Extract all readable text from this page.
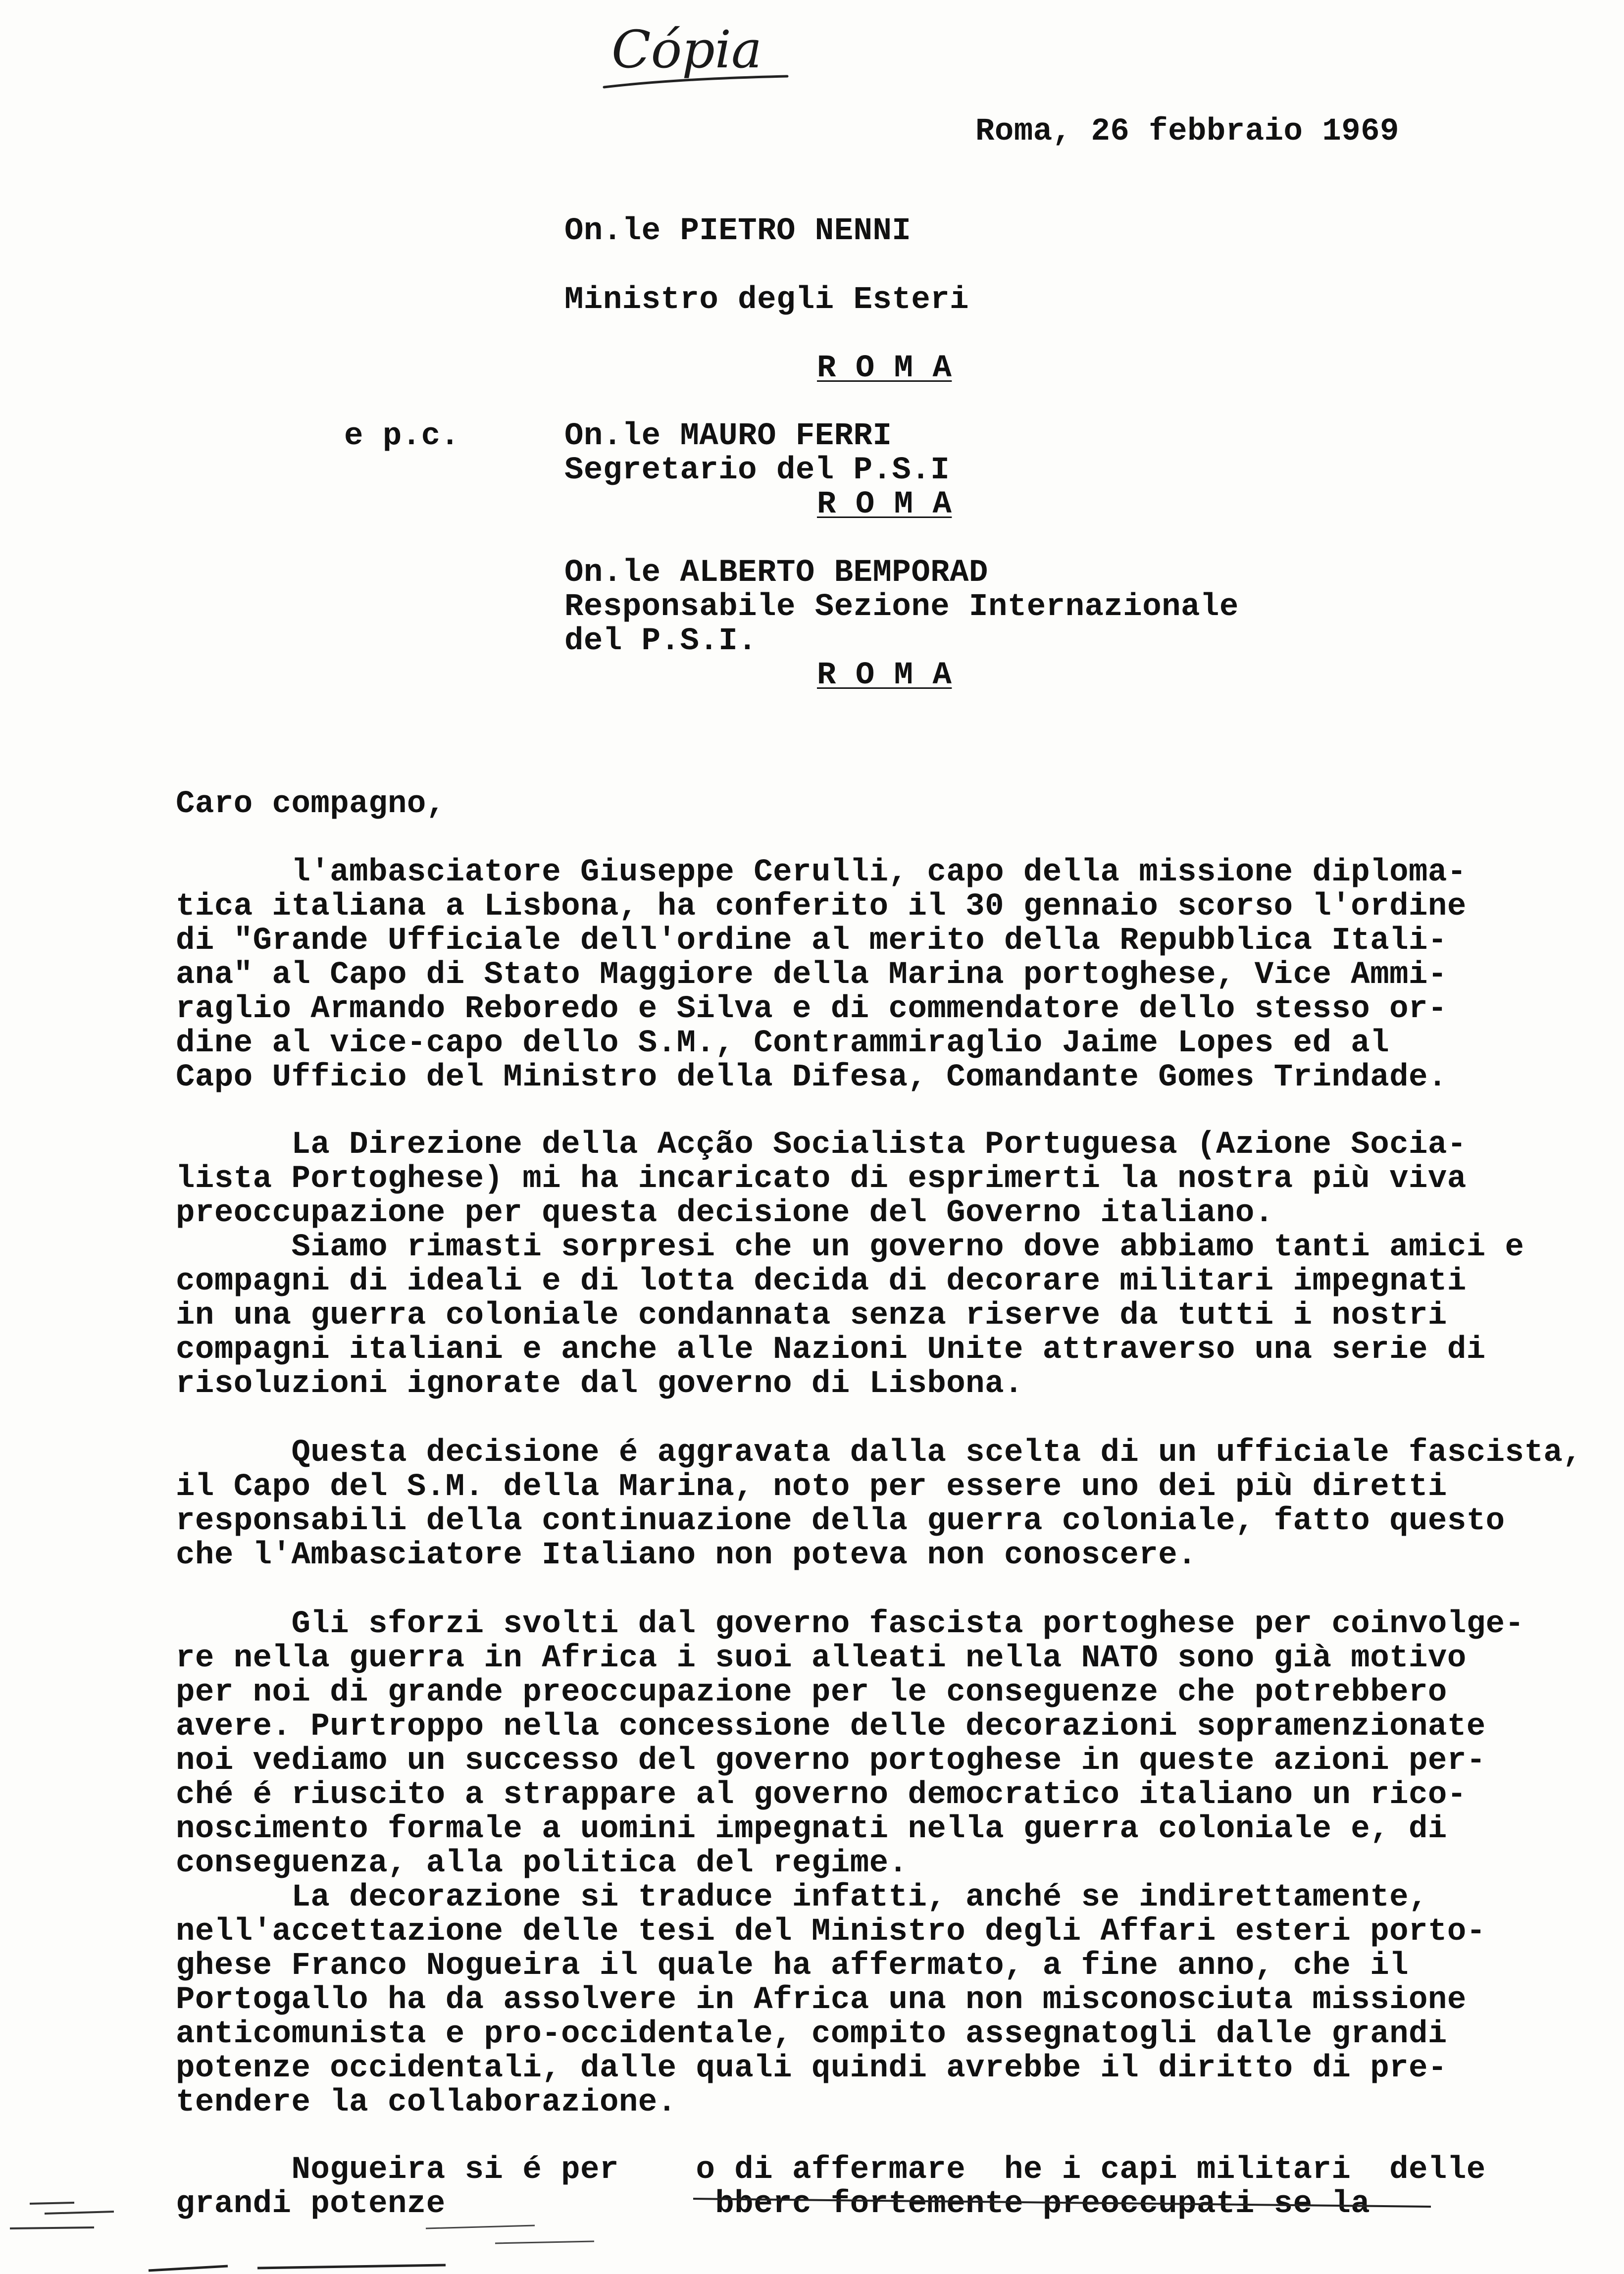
Cópia
Roma, 26 febbraio 1969
On.le PIETRO NENNI
Ministro degli Esteri
R O M A
e p.c.	On.le MAURO FERRI
Segretario del P.S.I
R O M A
On.le ALBERTO BEMPORAD
Responsabile Sezione Internazionale
del P.S.I.
R O M A
Caro compagno,
l'ambasciatore Giuseppe Cerulli, capo della missione diploma-
tica italiana a Lisbona, ha conferito il 30 gennaio scorso l'ordine
di "Grande Ufficiale dell'ordine al merito della Repubblica Itali-
ana" al Capo di Stato Maggiore della Marina portoghese, Vice Ammi-
raglio Armando Reboredo e Silva e di commendatore dello stesso or-
dine al vice-capo dello S.M., Contrammiraglio Jaime Lopes ed al
Capo Ufficio del Ministro della Difesa, Comandante Gomes Trindade.
La Direzione della Acção Socialista Portuguesa (Azione Socia-
lista Portoghese) mi ha incaricato di esprimerti la nostra più viva
preoccupazione per questa decisione del Governo italiano.
Siamo rimasti sorpresi che un governo dove abbiamo tanti amici e
compagni di ideali e di lotta decida di decorare militari impegnati
in una guerra coloniale condannata senza riserve da tutti i nostri
compagni italiani e anche alle Nazioni Unite attraverso una serie di
risoluzioni ignorate dal governo di Lisbona.
Questa decisione é aggravata dalla scelta di un ufficiale fascista,
il Capo del S.M. della Marina, noto per essere uno dei più diretti
responsabili della continuazione della guerra coloniale, fatto questo
che l'Ambasciatore Italiano non poteva non conoscere.
Gli sforzi svolti dal governo fascista portoghese per coinvolge-
re nella guerra in Africa i suoi alleati nella NATO sono già motivo
per noi di grande preoccupazione per le conseguenze che potrebbero
avere. Purtroppo nella concessione delle decorazioni sopramenzionate
noi vediamo un successo del governo portoghese in queste azioni per-
ché é riuscito a strappare al governo democratico italiano un rico-
noscimento formale a uomini impegnati nella guerra coloniale e, di
conseguenza, alla politica del regime.
La decorazione si traduce infatti, anché se indirettamente,
nell'accettazione delle tesi del Ministro degli Affari esteri porto-
ghese Franco Nogueira il quale ha affermato, a fine anno, che il
Portogallo ha da assolvere in Africa una non misconosciuta missione
anticomunista e pro-occidentale, compito assegnatogli dalle grandi
potenze occidentali, dalle quali quindi avrebbe il diritto di pre-
tendere la collaborazione.
Nogueira si é per    o di affermare  he i capi militari  delle
grandi potenze              bberc fortemente preoccupati se la
